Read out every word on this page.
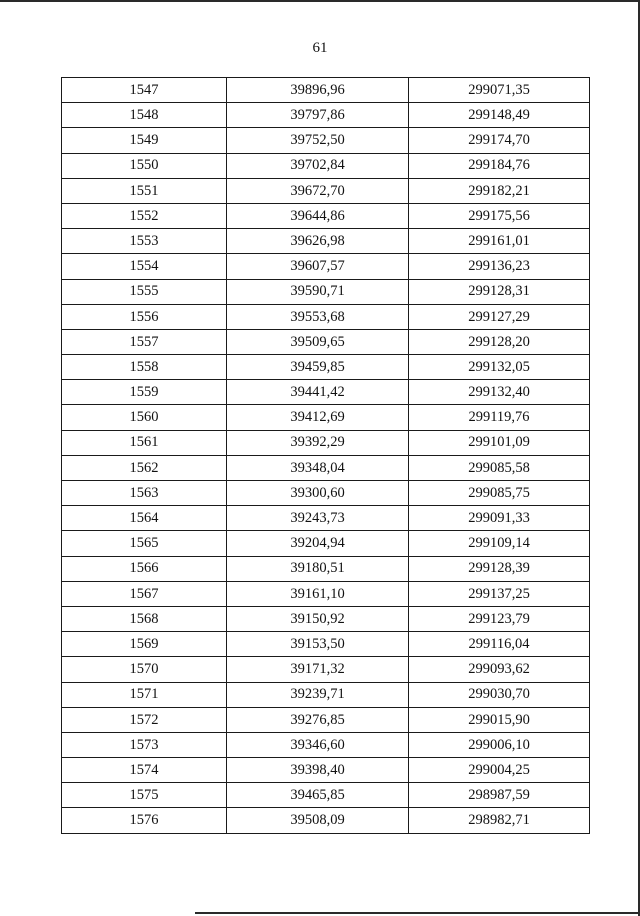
61
1547	39896,96	299071,35
1548	39797,86	299148,49
1549	39752,50	299174,70
1550	39702,84	299184,76
1551	39672,70	299182,21
1552	39644,86	299175,56
1553	39626,98	299161,01
1554	39607,57	299136,23
1555	39590,71	299128,31
1556	39553,68	299127,29
1557	39509,65	299128,20
1558	39459,85	299132,05
1559	39441,42	299132,40
1560	39412,69	299119,76
1561	39392,29	299101,09
1562	39348,04	299085,58
1563	39300,60	299085,75
1564	39243,73	299091,33
1565	39204,94	299109,14
1566	39180,51	299128,39
1567	39161,10	299137,25
1568	39150,92	299123,79
1569	39153,50	299116,04
1570	39171,32	299093,62
1571	39239,71	299030,70
1572	39276,85	299015,90
1573	39346,60	299006,10
1574	39398,40	299004,25
1575	39465,85	298987,59
1576	39508,09	298982,71
